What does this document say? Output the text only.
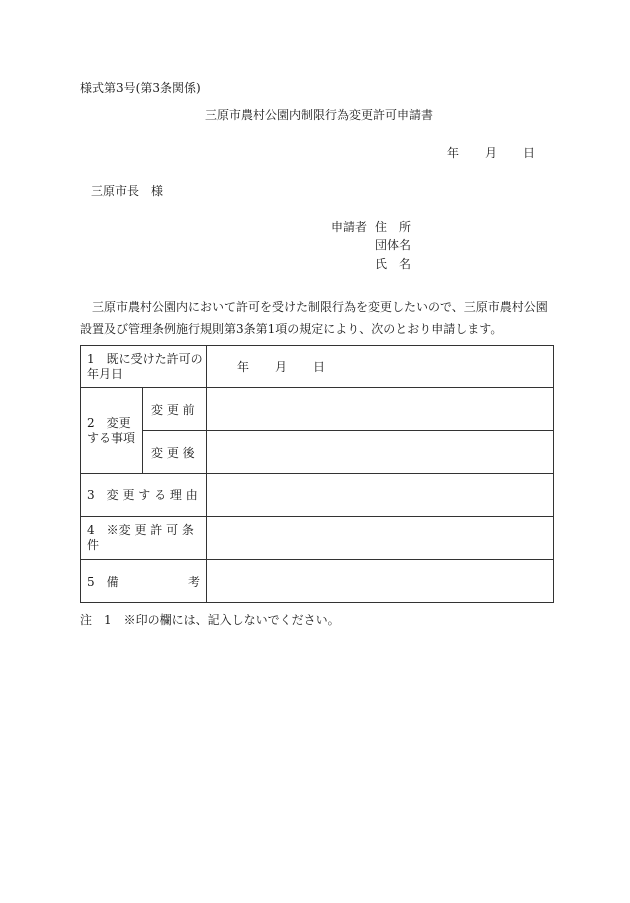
様式第3号(第3条関係)
三原市農村公園内制限行為変更許可申請書
年 月 日
三原市長　様
申請者 住　所
団体名
氏　名
三原市農村公園内において許可を受けた制限行為を変更したいので、三原市農村公園設置及び管理条例施行規則第3条第1項の規定により、次のとおり申請します。
1　既に受けた許可の年月日		年 月 日
2　変更する事項	変 更 前	
	変 更 後	
3　変 更 す る 理 由		
4　※変 更 許 可 条 件		

5　備 考		

注　1　※印の欄には、記入しないでください。
